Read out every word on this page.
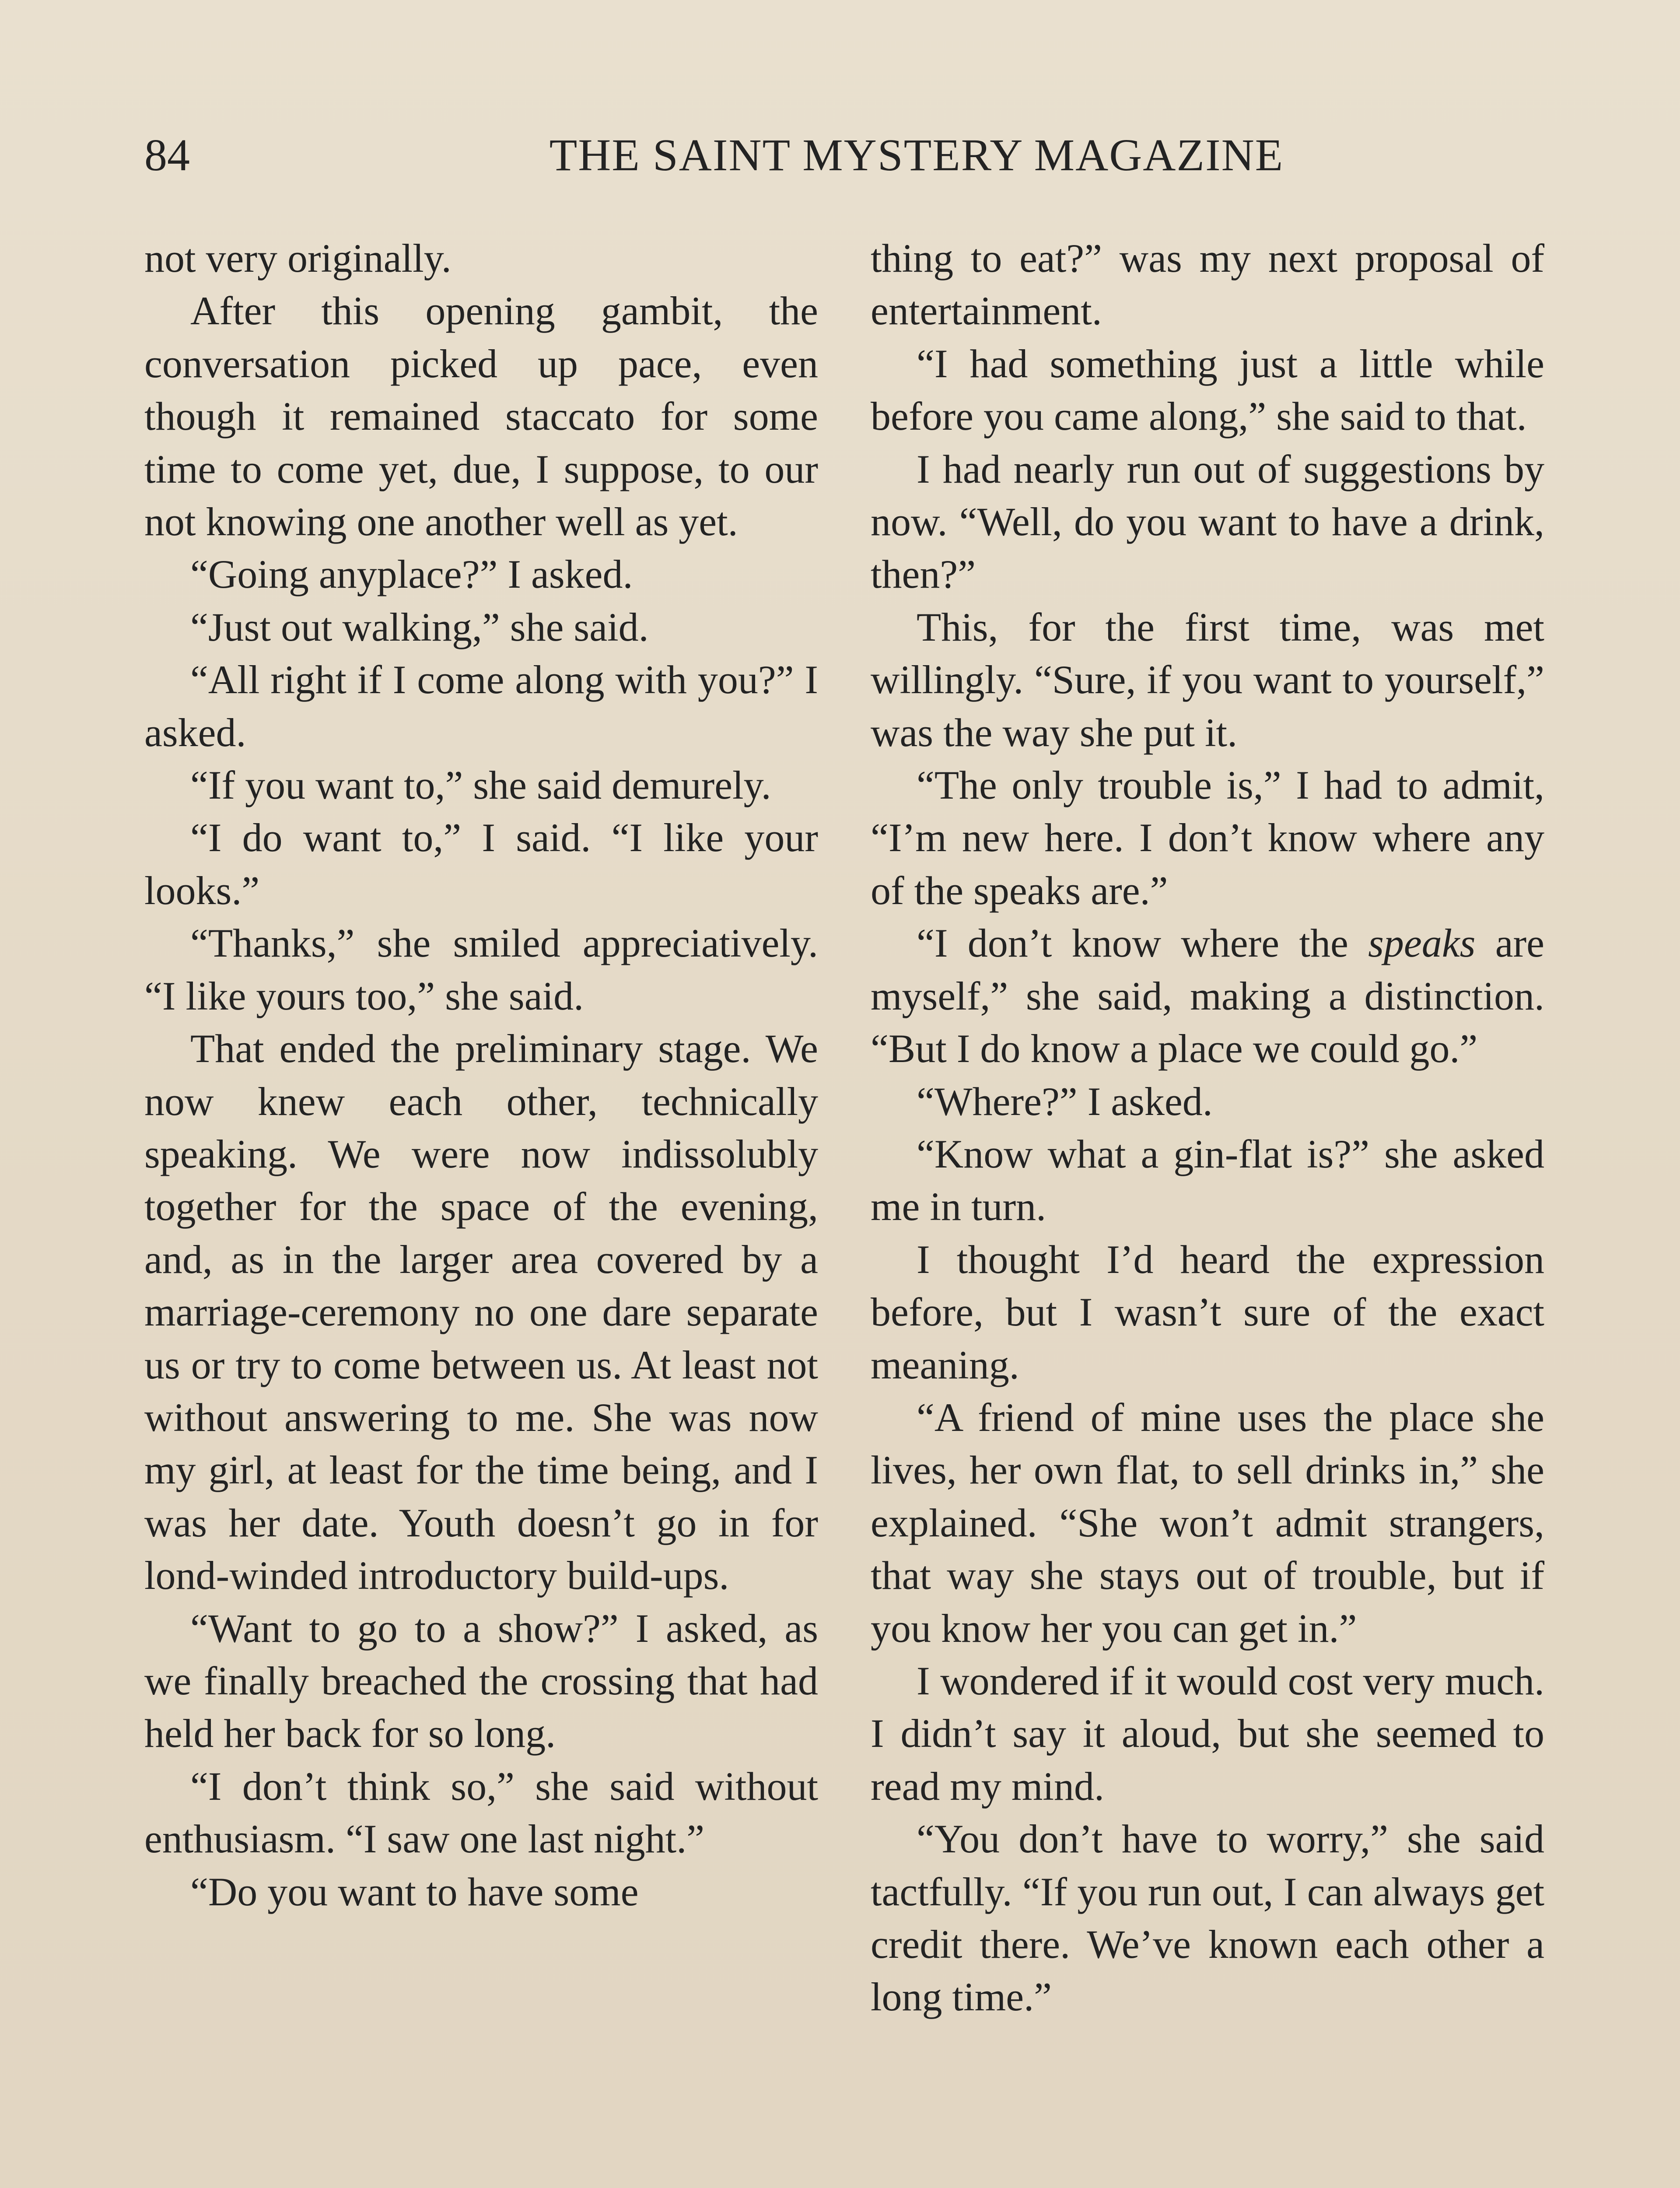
84	THE SAINT MYSTERY MAGAZINE

not very originally.

After this opening gambit, the conversation picked up pace, even though it remained staccato for some time to come yet, due, I suppose, to our not knowing one another well as yet.

“Going anyplace?” I asked.

“Just out walking,” she said.

“All right if I come along with you?” I asked.

“If you want to,” she said demurely.

“I do want to,” I said. “I like your looks.”

“Thanks,” she smiled appreciatively. “I like yours too,” she said.

That ended the preliminary stage. We now knew each other, technically speaking. We were now indissolubly together for the space of the evening, and, as in the larger area covered by a marriage-ceremony no one dare separate us or try to come between us. At least not without answering to me. She was now my girl, at least for the time being, and I was her date. Youth doesn’t go in for lond-winded introductory build-ups.

“Want to go to a show?” I asked, as we finally breached the crossing that had held her back for so long.

“I don’t think so,” she said without enthusiasm. “I saw one last night.”

“Do you want to have some

thing to eat?” was my next proposal of entertainment.

“I had something just a little while before you came along,” she said to that.

I had nearly run out of suggestions by now. “Well, do you want to have a drink, then?”

This, for the first time, was met willingly. “Sure, if you want to yourself,” was the way she put it.

“The only trouble is,” I had to admit, “I’m new here. I don’t know where any of the speaks are.”

“I don’t know where the speaks are myself,” she said, making a distinction. “But I do know a place we could go.”

“Where?” I asked.

“Know what a gin-flat is?” she asked me in turn.

I thought I’d heard the expression before, but I wasn’t sure of the exact meaning.

“A friend of mine uses the place she lives, her own flat, to sell drinks in,” she explained. “She won’t admit strangers, that way she stays out of trouble, but if you know her you can get in.”

I wondered if it would cost very much. I didn’t say it aloud, but she seemed to read my mind.

“You don’t have to worry,” she said tactfully. “If you run out, I can always get credit there. We’ve known each other a long time.”
